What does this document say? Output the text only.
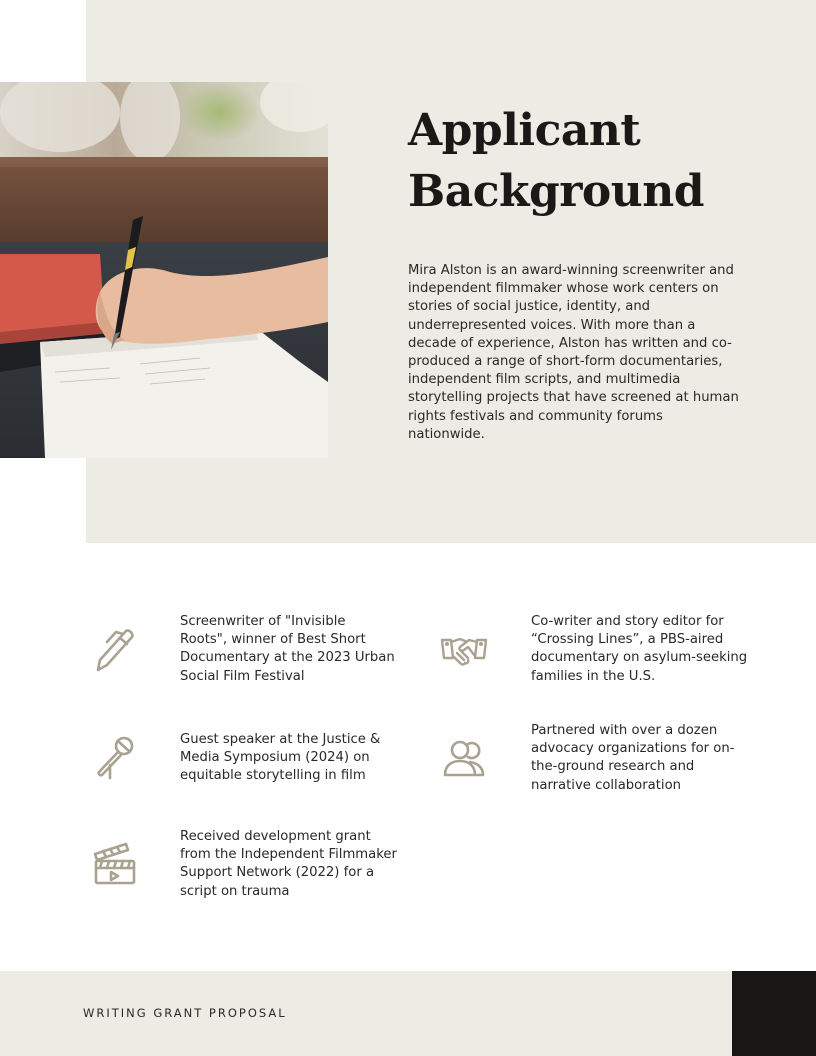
Applicant
Background

Mira Alston is an award-winning screenwriter and independent filmmaker whose work centers on stories of social justice, identity, and underrepresented voices. With more than a decade of experience, Alston has written and co-produced a range of short-form documentaries, independent film scripts, and multimedia storytelling projects that have screened at human rights festivals and community forums nationwide.

Screenwriter of "Invisible Roots", winner of Best Short Documentary at the 2023 Urban Social Film Festival
Co-writer and story editor for “Crossing Lines”, a PBS-aired documentary on asylum-seeking families in the U.S.
Guest speaker at the Justice & Media Symposium (2024) on equitable storytelling in film
Partnered with over a dozen advocacy organizations for on-the-ground research and narrative collaboration
Received development grant from the Independent Filmmaker Support Network (2022) for a script on trauma
WRITING GRANT PROPOSAL
